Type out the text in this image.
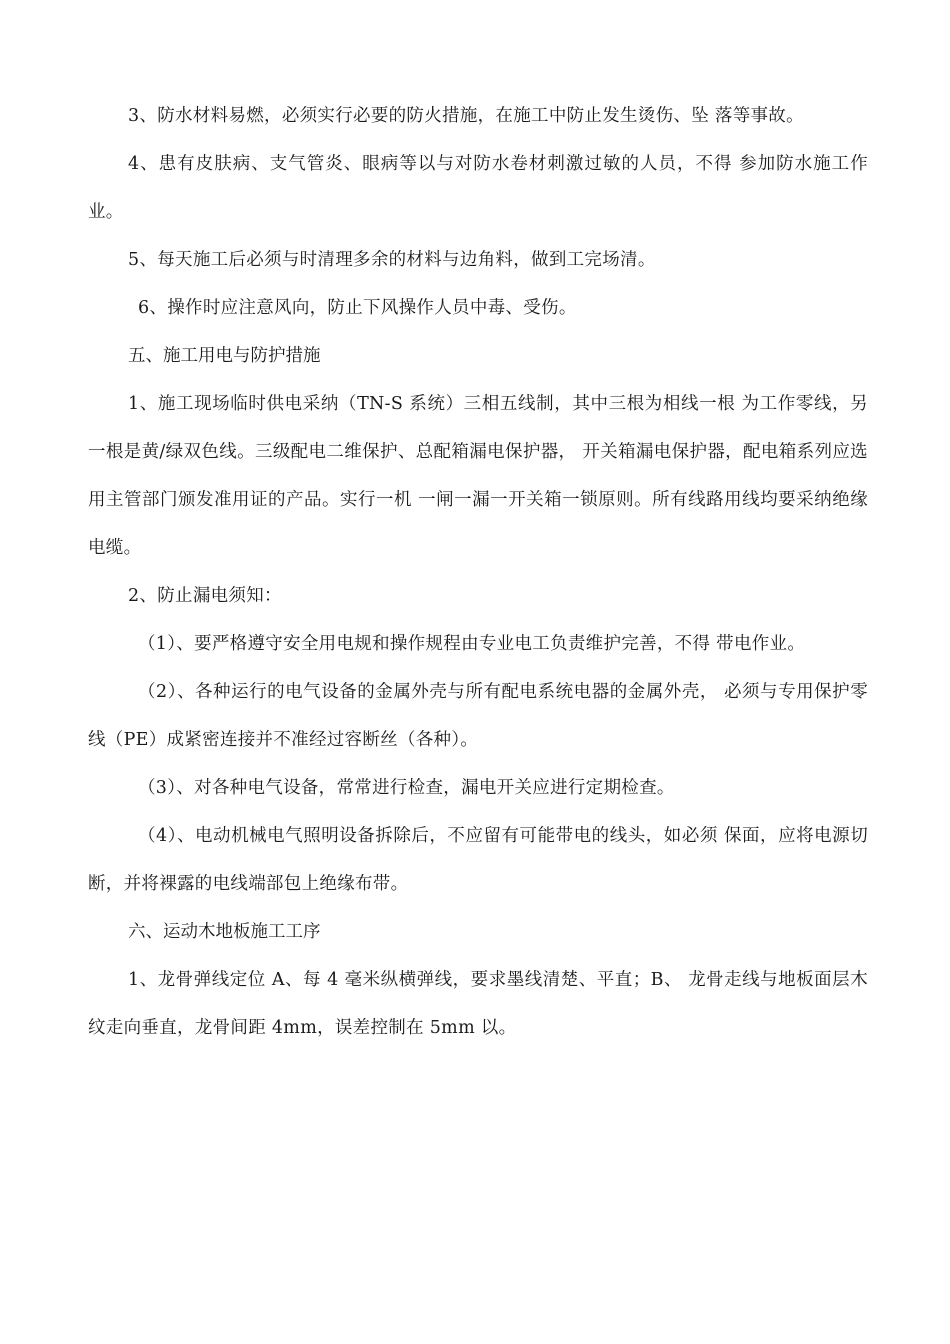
3、防水材料易燃，必须实行必要的防火措施，在施工中防止发生烫伤、坠 落等事故。

4、患有皮肤病、支气管炎、眼病等以与对防水卷材刺激过敏的人员，不得 参加防水施工作业。

5、每天施工后必须与时清理多余的材料与边角料，做到工完场清。

6、操作时应注意风向，防止下风操作人员中毒、受伤。

五、施工用电与防护措施

1、施工现场临时供电采纳（TN-S 系统）三相五线制，其中三根为相线一根 为工作零线，另一根是黄/绿双色线。三级配电二维保护、总配箱漏电保护器， 开关箱漏电保护器，配电箱系列应选用主管部门颁发准用证的产品。实行一机 一闸一漏一开关箱一锁原则。所有线路用线均要采纳绝缘电缆。

2、防止漏电须知：

（1）、要严格遵守安全用电规和操作规程由专业电工负责维护完善，不得 带电作业。

（2）、各种运行的电气设备的金属外壳与所有配电系统电器的金属外壳， 必须与专用保护零线（PE）成紧密连接并不准经过容断丝（各种）。

（3）、对各种电气设备，常常进行检查，漏电开关应进行定期检查。

（4）、电动机械电气照明设备拆除后，不应留有可能带电的线头，如必须 保面，应将电源切断，并将裸露的电线端部包上绝缘布带。

六、运动木地板施工工序

1、龙骨弹线定位 A、每 4 毫米纵横弹线，要求墨线清楚、平直；B、 龙骨走线与地板面层木纹走向垂直，龙骨间距 4mm，误差控制在 5mm 以。
